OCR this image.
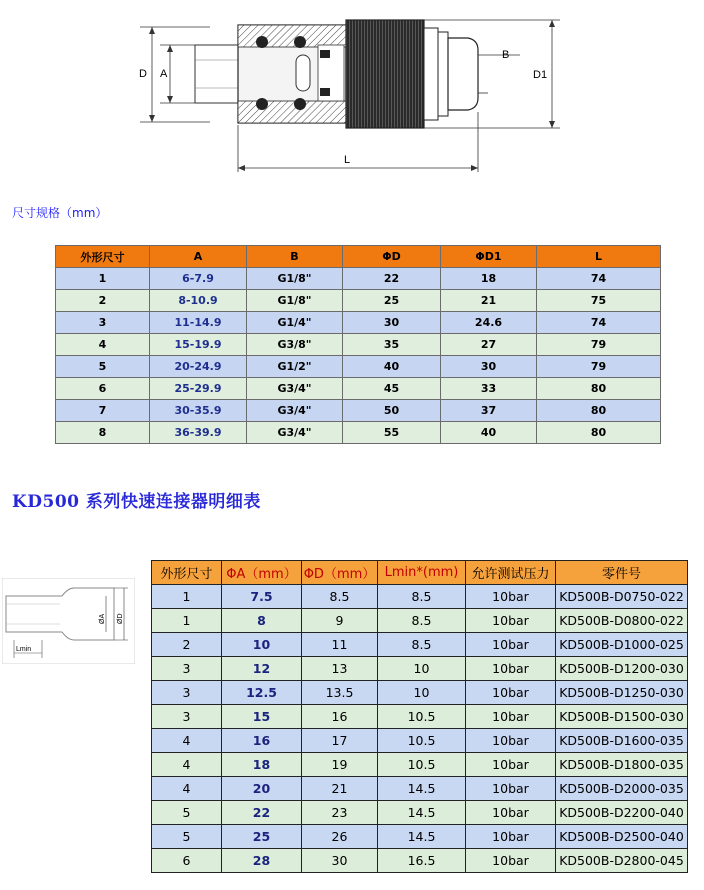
D A
B
D1
L
尺寸规格（mm）
外形尺寸	A	B	ΦD	ΦD1	L
1	6-7.9	G1/8"	22	18	74
2	8-10.9	G1/8"	25	21	75
3	11-14.9	G1/4"	30	24.6	74
4	15-19.9	G3/8"	35	27	79
5	20-24.9	G1/2"	40	30	79
6	25-29.9	G3/4"	45	33	80
7	30-35.9	G3/4"	50	37	80
8	36-39.9	G3/4"	55	40	80
KD500 系列快速连接器明细表
ØA ØD
Lmin
外形尺寸	ΦA（mm）	ΦD（mm）	Lmin*(mm)	允许测试压力	零件号
1	7.5	8.5	8.5	10bar	KD500B-D0750-022
1	8	9	8.5	10bar	KD500B-D0800-022
2	10	11	8.5	10bar	KD500B-D1000-025
3	12	13	10	10bar	KD500B-D1200-030
3	12.5	13.5	10	10bar	KD500B-D1250-030
3	15	16	10.5	10bar	KD500B-D1500-030
4	16	17	10.5	10bar	KD500B-D1600-035
4	18	19	10.5	10bar	KD500B-D1800-035
4	20	21	14.5	10bar	KD500B-D2000-035
5	22	23	14.5	10bar	KD500B-D2200-040
5	25	26	14.5	10bar	KD500B-D2500-040
6	28	30	16.5	10bar	KD500B-D2800-045
